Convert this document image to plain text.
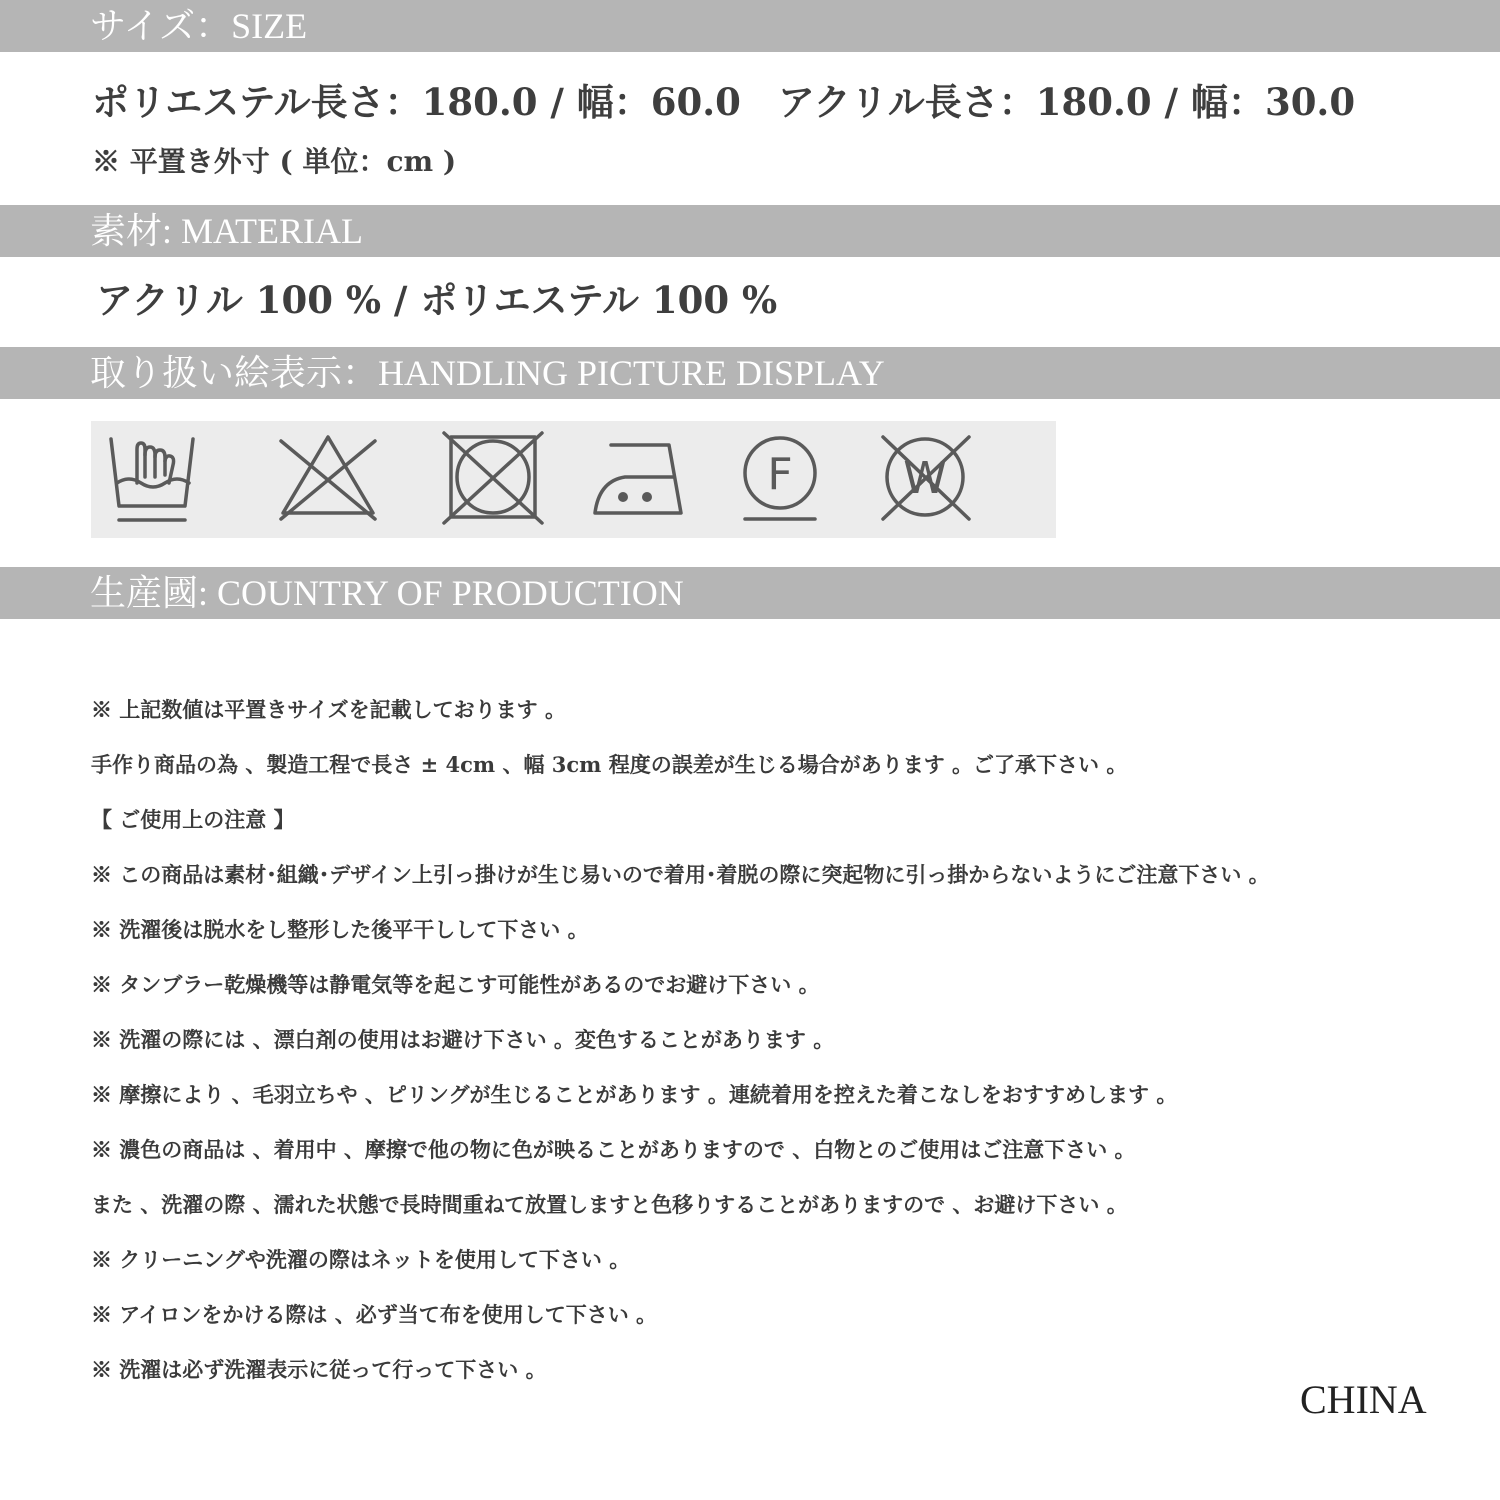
サイズ：SIZE
ポリエステル長さ：180.0 / 幅：60.0　アクリル長さ：180.0 / 幅：30.0
※ 平置き外寸 ( 単位：cm )
素材: MATERIAL
アクリル 100 % / ポリエステル 100 %
取り扱い絵表示：HANDLING PICTURE DISPLAY
F	W
生産國: COUNTRY OF PRODUCTION
※ 上記数値は平置きサイズを記載しております 。
手作り商品の為 、製造工程で長さ ± 4cm 、幅 3cm 程度の誤差が生じる場合があります 。ご了承下さい 。
【 ご使用上の注意 】
※ この商品は素材･組織･デザイン上引っ掛けが生じ易いので着用･着脱の際に突起物に引っ掛からないようにご注意下さい 。
※ 洗濯後は脱水をし整形した後平干しして下さい 。
※ タンブラー乾燥機等は静電気等を起こす可能性があるのでお避け下さい 。
※ 洗濯の際には 、漂白剤の使用はお避け下さい 。変色することがあります 。
※ 摩擦により 、毛羽立ちや 、ピリングが生じることがあります 。連続着用を控えた着こなしをおすすめします 。
※ 濃色の商品は 、着用中 、摩擦で他の物に色が映ることがありますので 、白物とのご使用はご注意下さい 。
また 、洗濯の際 、濡れた状態で長時間重ねて放置しますと色移りすることがありますので 、お避け下さい 。
※ クリーニングや洗濯の際はネットを使用して下さい 。
※ アイロンをかける際は 、必ず当て布を使用して下さい 。
※ 洗濯は必ず洗濯表示に従って行って下さい 。
CHINA
